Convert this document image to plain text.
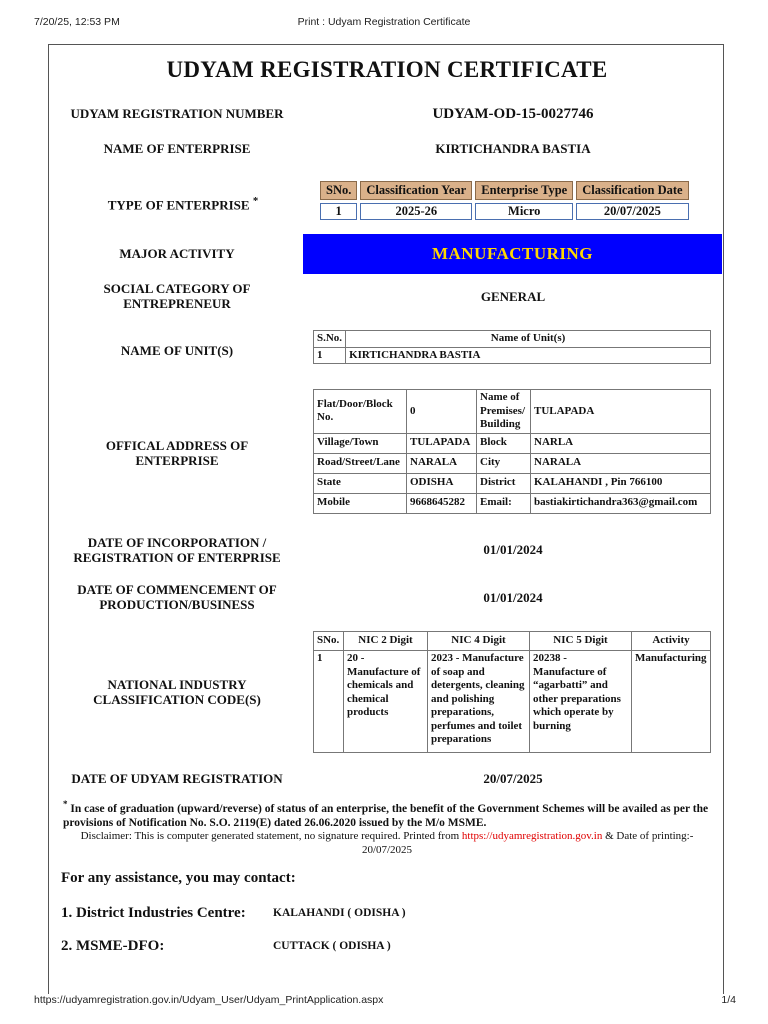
7/20/25, 12:53 PM	Print : Udyam Registration Certificate
UDYAM REGISTRATION CERTIFICATE
UDYAM REGISTRATION NUMBER	UDYAM-OD-15-0027746
NAME OF ENTERPRISE	KIRTICHANDRA BASTIA
TYPE OF ENTERPRISE *
SNo.	Classification Year	Enterprise Type	Classification Date
1	2025-26	Micro	20/07/2025
MAJOR ACTIVITY	MANUFACTURING
SOCIAL CATEGORY OF
ENTREPRENEUR	GENERAL
NAME OF UNIT(S)
S.No.	Name of Unit(s)
1	KIRTICHANDRA BASTIA
OFFICAL ADDRESS OF
ENTERPRISE
Flat/Door/Block No.	0	Name of Premises/ Building	TULAPADA
Village/Town	TULAPADA	Block	NARLA
Road/Street/Lane	NARALA	City	NARALA
State	ODISHA	District	KALAHANDI , Pin 766100
Mobile	9668645282	Email:	bastiakirtichandra363@gmail.com
DATE OF INCORPORATION /
REGISTRATION OF ENTERPRISE
01/01/2024
DATE OF COMMENCEMENT OF
PRODUCTION/BUSINESS	01/01/2024
NATIONAL INDUSTRY
CLASSIFICATION CODE(S)
SNo.	NIC 2 Digit	NIC 4 Digit	NIC 5 Digit	Activity
1	20 - Manufacture of chemicals and chemical products	2023 - Manufacture of soap and detergents, cleaning and polishing preparations, perfumes and toilet preparations	20238 - Manufacture of “agarbatti” and other preparations which operate by burning	Manufacturing
DATE OF UDYAM REGISTRATION	20/07/2025
* In case of graduation (upward/reverse) of status of an enterprise, the benefit of the Government Schemes will be availed as per the provisions of Notification No. S.O. 2119(E) dated 26.06.2020 issued by the M/o MSME.
Disclaimer: This is computer generated statement, no signature required. Printed from https://udyamregistration.gov.in & Date of printing:-
20/07/2025
For any assistance, you may contact:
1. District Industries Centre: KALAHANDI ( ODISHA )
2. MSME-DFO:	CUTTACK ( ODISHA )
https://udyamregistration.gov.in/Udyam_User/Udyam_PrintApplication.aspx	1/4
